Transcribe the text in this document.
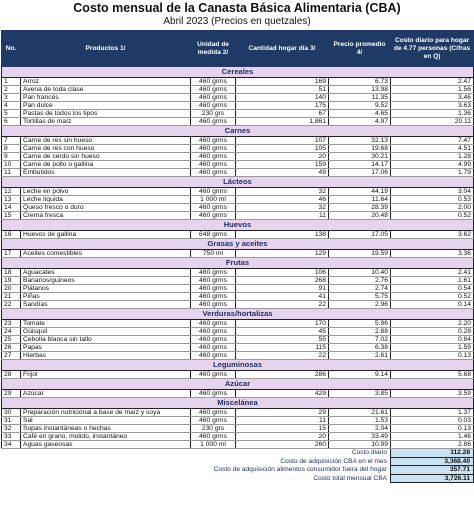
Costo mensual de la Canasta Básica Alimentaria (CBA)
Abril 2023 (Precios en quetzales)
No.	Productos 1/	Unidad de medida 2/	Cantidad hogar día 3/	Precio promedio 4/	Costo diario para hogar de 4.77 personas (Cifras en Q)
Cereales					
1	Arroz	460 grms	169	6.73	2.47
2	Avena de toda clase	460 grms	51	13.98	1.56
3	Pan francés	460 grms	140	11.35	3.46
4	Pan dulce	460 grms	175	9.52	3.63
5	Pastas de todos los tipos	230 grs	67	4.65	1.36
6	Tortillas de maíz	460 grms	1,861	4.97	20.11
Carnes					
7	Carne de res sin hueso	460 grms	107	32.13	7.47
8	Carne de res con hueso	460 grms	105	19.68	4.51
9	Carne de cerdo sin hueso	460 grms	20	30.21	1.28
10	Carne de pollo o gallina	460 grms	159	14.17	4.99
11	Embutidos	460 grms	49	17.06	1.79
Lácteos					
12	Leche en polvo	460 grms	32	44.19	3.04
13	Leche líquida	1 000 ml	46	11.64	0.53
14	Queso fresco o duro	460 grms	32	28.39	2.00
15	Crema fresca	460 grms	11	20.48	0.52
Huevos					
16	Huevos de gallina	648 grms	138	17.05	3.62
Grasas y aceites					
17	Aceites comestibles	750 ml	129	19.59	3.36
Frutas					
18	Aguacates	460 grms	106	10.40	2.41
19	Bananos/guineos	460 grms	268	2.76	1.61
20	Plátanos	460 grms	91	2.74	0.54
21	Piñas	460 grms	41	5.75	0.52
22	Sandías	460 grms	22	2.96	0.14
Verduras/hortalizas					
23	Tomate	460 grms	170	5.96	2.20
24	Güisquil	460 grms	45	2.88	0.28
25	Cebolla blanca sin tallo	460 grms	55	7.02	0.84
26	Papas	460 grms	115	6.38	1.59
27	Hierbas	460 grms	22	2.61	0.13
Leguminosas					
28	Frijol	460 grms	286	9.14	5.68
Azúcar					
29	Azúcar	460 grms	429	3.85	3.59
Miscelánea					
30	Preparación nutricional a base de maíz y soya	460 grms	29	21.61	1.37
31	Sal	460 grms	11	1.53	0.03
32	Sopas instantáneas o hechas	230 grs	15	2.04	0.13
33	Café en grano, molido, instantáneo	460 grms	20	33.49	1.46
34	Aguas gaseosas	1 000 ml	260	10.99	2.86
Costo diario					112.28
Costo de adquisición CBA en el mes					3,368.40
Costo de adquisición alimentos consumidor fuera del hogar					357.71
Costo total mensual CBA					3,726.11
